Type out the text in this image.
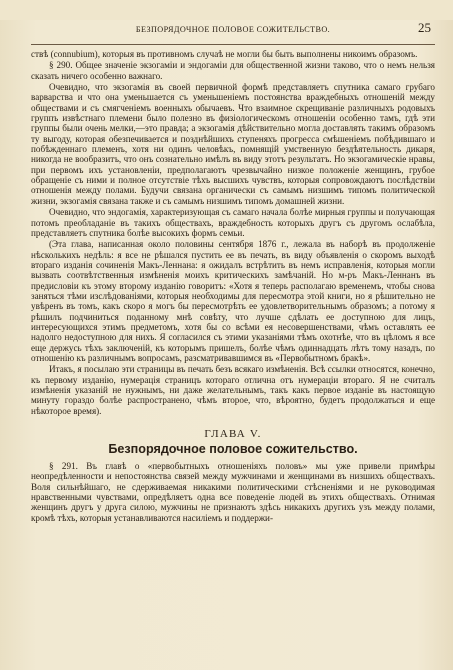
БЕЗПОРЯДОЧНОЕ ПОЛОВОЕ СОЖИТЕЛЬСТВО.	25

ствѣ (connubium), которыя въ противномъ случаѣ не могли бы быть выполнены никоимъ образомъ.

§ 290. Общее значеніе экзогаміи и эндогаміи для общественной жизни таково, что о немъ нельзя сказать ничего особенно важнаго.

Очевидно, что экзогамія въ своей первичной формѣ представляетъ спутника самаго грубаго варварства и что она уменьшается съ уменьшеніемъ постоянства враждебныхъ отношеній между обществами и съ смягченіемъ военныхъ обычаевъ. Что взаимное скрещиваніе различныхъ родовыхъ группъ извѣстнаго племени было полезно въ физіологическомъ отношеніи особенно тамъ, гдѣ эти группы были очень мелки,—это правда; а экзогамія дѣйствительно могла доставлять такимъ образомъ ту выгоду, которая обезпечивается и позднѣйшихъ ступеняхъ прогресса смѣшеніемъ побѣдившаго и побѣжденнаго племенъ, хотя ни одинъ человѣкъ, помнящій умственную бездѣятельность дикаря, никогда не вообразитъ, что онъ сознательно имѣлъ въ виду этотъ результатъ. Но экзогамическіе нравы, при первомъ ихъ установленіи, предполагаютъ чрезвычайно низкое положеніе женщинъ, грубое обращеніе съ ними и полное отсутствіе тѣхъ высшихъ чувствъ, которыя сопровождаютъ послѣдствіи отношенія между полами. Будучи связана органически съ самымъ низшимъ типомъ политической жизни, экзогамія связана также и съ самымъ низшимъ типомъ домашней жизни.

Очевидно, что эндогамія, характеризующая съ самаго начала болѣе мирныя группы и получающая потомъ преобладаніе въ такихъ обществахъ, враждебность которыхъ другъ съ другомъ ослабѣла, представляетъ спутника болѣе высокихъ формъ семьи.

(Эта глава, написанная около половины сентября 1876 г., лежала въ наборѣ въ продолженіе нѣсколькихъ недѣль: я все не рѣшался пустить ее въ печать, въ виду объявленія о скоромъ выходѣ втораго изданія сочиненія Макъ-Леннана: я ожидалъ встрѣтить въ немъ исправленія, которыя могли вызвать соотвѣтственныя измѣненія моихъ критическихъ замѣчаній. Но м-ръ Макъ-Леннанъ въ предисловіи къ этому второму изданію говоритъ: «Хотя я теперь располагаю временемъ, чтобы снова заняться тѣми изслѣдованіями, которыя необходимы для пересмотра этой книги, но я рѣшительно не увѣренъ въ томъ, какъ скоро я могъ бы пересмотрѣть ее удовлетворительнымъ образомъ; а потому я рѣшилъ подчиниться поданному мнѣ совѣту, что лучше сдѣлать ее доступною для лицъ, интересующихся этимъ предметомъ, хотя бы со всѣми ея несовершенствами, чѣмъ оставлять ее надолго недоступною для нихъ. Я согласился съ этими указаніями тѣмъ охотнѣе, что въ цѣломъ я все еще держусь тѣхъ заключеній, къ которымъ пришелъ, болѣе чѣмъ одиннадцать лѣтъ тому назадъ, по отношенію къ различнымъ вопросамъ, разсматривавшимся въ «Первобытномъ бракѣ».

Итакъ, я посылаю эти страницы въ печать безъ всякаго измѣненія. Всѣ ссылки относятся, конечно, къ первому изданію, нумерація страницъ котораго отлична отъ нумераціи втораго. Я не считалъ измѣненія указаній не нужнымъ, ни даже желательнымъ, такъ какъ первое изданіе въ настоящую минуту гораздо болѣе распространено, чѣмъ второе, что, вѣроятно, будетъ продолжаться и еще нѣкоторое время).

ГЛАВА V.
Безпорядочное половое сожительство.

§ 291. Въ главѣ о «первобытныхъ отношеніяхъ половъ» мы уже привели примѣры неопредѣленности и непостоянства связей между мужчинами и женщинами въ низшихъ обществахъ. Воля сильнѣйшаго, не сдерживаемая никакими политическими стѣсненіями и не руководимая нравственными чувствами, опредѣляетъ одна все поведеніе людей въ этихъ обществахъ. Отнимая женщинъ другъ у друга силою, мужчины не признаютъ здѣсь никакихъ другихъ узъ между полами, кромѣ тѣхъ, которыя устанавливаются насиліемъ и поддержи-
